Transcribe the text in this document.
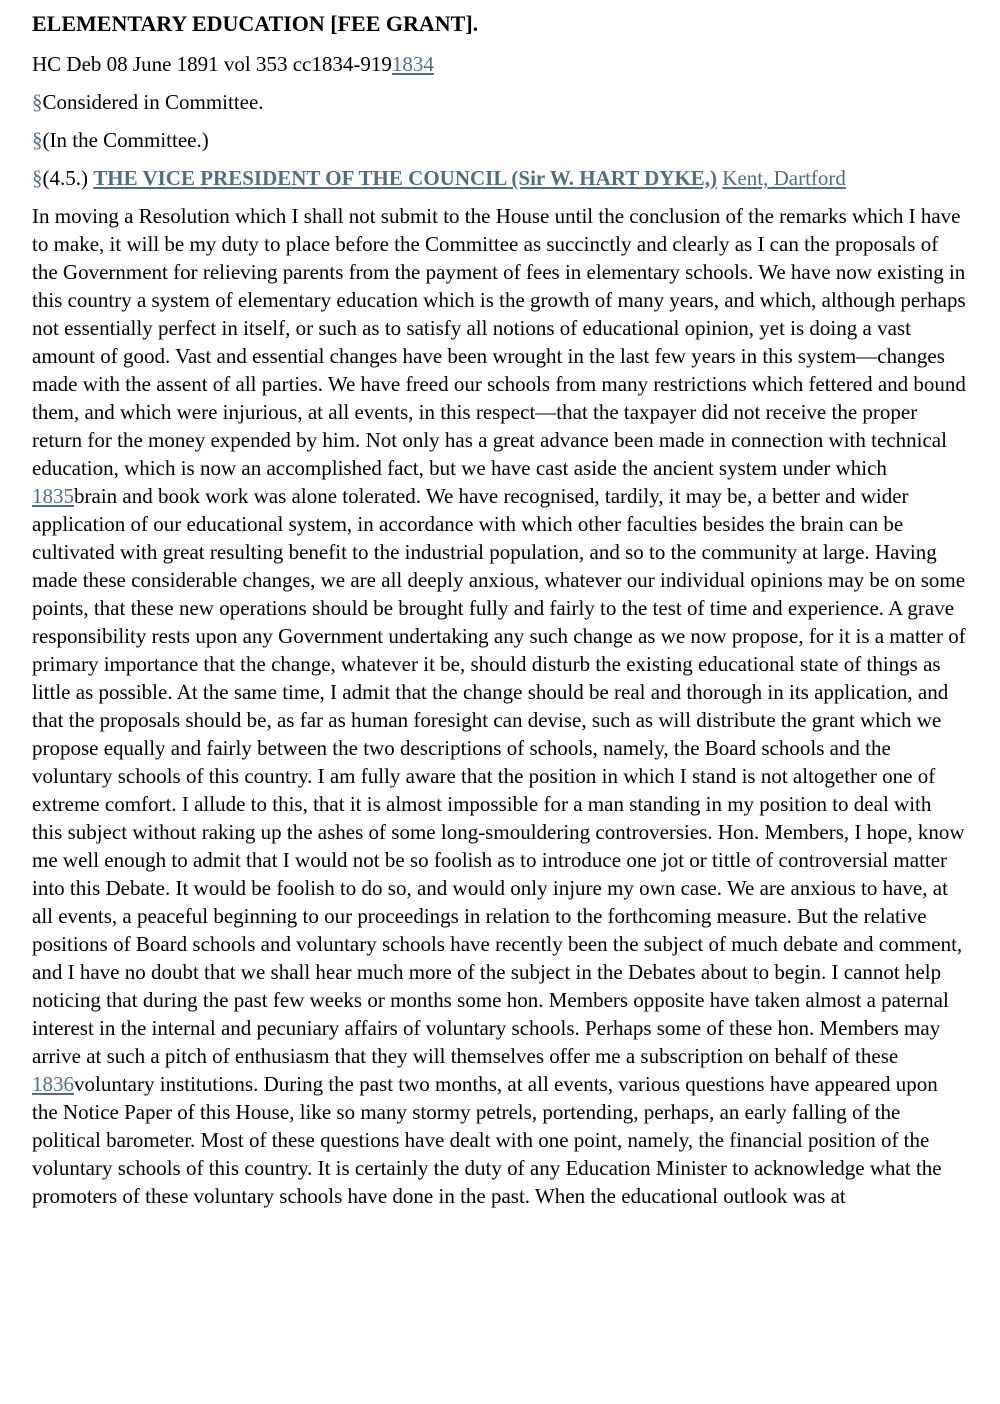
ELEMENTARY EDUCATION [FEE GRANT].

HC Deb 08 June 1891 vol 353 cc1834-9191834

§Considered in Committee.

§(In the Committee.)

§(4.5.) THE VICE PRESIDENT OF THE COUNCIL (Sir W. HART DYKE,) Kent, Dartford

In moving a Resolution which I shall not submit to the House until the conclusion of the remarks which I have to make, it will be my duty to place before the Committee as succinctly and clearly as I can the proposals of the Government for relieving parents from the payment of fees in elementary schools. We have now existing in this country a system of elementary education which is the growth of many years, and which, although perhaps not essentially perfect in itself, or such as to satisfy all notions of educational opinion, yet is doing a vast amount of good. Vast and essential changes have been wrought in the last few years in this system—changes made with the assent of all parties. We have freed our schools from many restrictions which fettered and bound them, and which were injurious, at all events, in this respect—that the taxpayer did not receive the proper return for the money expended by him. Not only has a great advance been made in connection with technical education, which is now an accomplished fact, but we have cast aside the ancient system under which 1835brain and book work was alone tolerated. We have recognised, tardily, it may be, a better and wider application of our educational system, in accordance with which other faculties besides the brain can be cultivated with great resulting benefit to the industrial population, and so to the community at large. Having made these considerable changes, we are all deeply anxious, whatever our individual opinions may be on some points, that these new operations should be brought fully and fairly to the test of time and experience. A grave responsibility rests upon any Government undertaking any such change as we now propose, for it is a matter of primary importance that the change, whatever it be, should disturb the existing educational state of things as little as possible. At the same time, I admit that the change should be real and thorough in its application, and that the proposals should be, as far as human foresight can devise, such as will distribute the grant which we propose equally and fairly between the two descriptions of schools, namely, the Board schools and the voluntary schools of this country. I am fully aware that the position in which I stand is not altogether one of extreme comfort. I allude to this, that it is almost impossible for a man standing in my position to deal with this subject without raking up the ashes of some long-smouldering controversies. Hon. Members, I hope, know me well enough to admit that I would not be so foolish as to introduce one jot or tittle of controversial matter into this Debate. It would be foolish to do so, and would only injure my own case. We are anxious to have, at all events, a peaceful beginning to our proceedings in relation to the forthcoming measure. But the relative positions of Board schools and voluntary schools have recently been the subject of much debate and comment, and I have no doubt that we shall hear much more of the subject in the Debates about to begin. I cannot help noticing that during the past few weeks or months some hon. Members opposite have taken almost a paternal interest in the internal and pecuniary affairs of voluntary schools. Perhaps some of these hon. Members may arrive at such a pitch of enthusiasm that they will themselves offer me a subscription on behalf of these 1836voluntary institutions. During the past two months, at all events, various questions have appeared upon the Notice Paper of this House, like so many stormy petrels, portending, perhaps, an early falling of the political barometer. Most of these questions have dealt with one point, namely, the financial position of the voluntary schools of this country. It is certainly the duty of any Education Minister to acknowledge what the promoters of these voluntary schools have done in the past. When the educational outlook was at
